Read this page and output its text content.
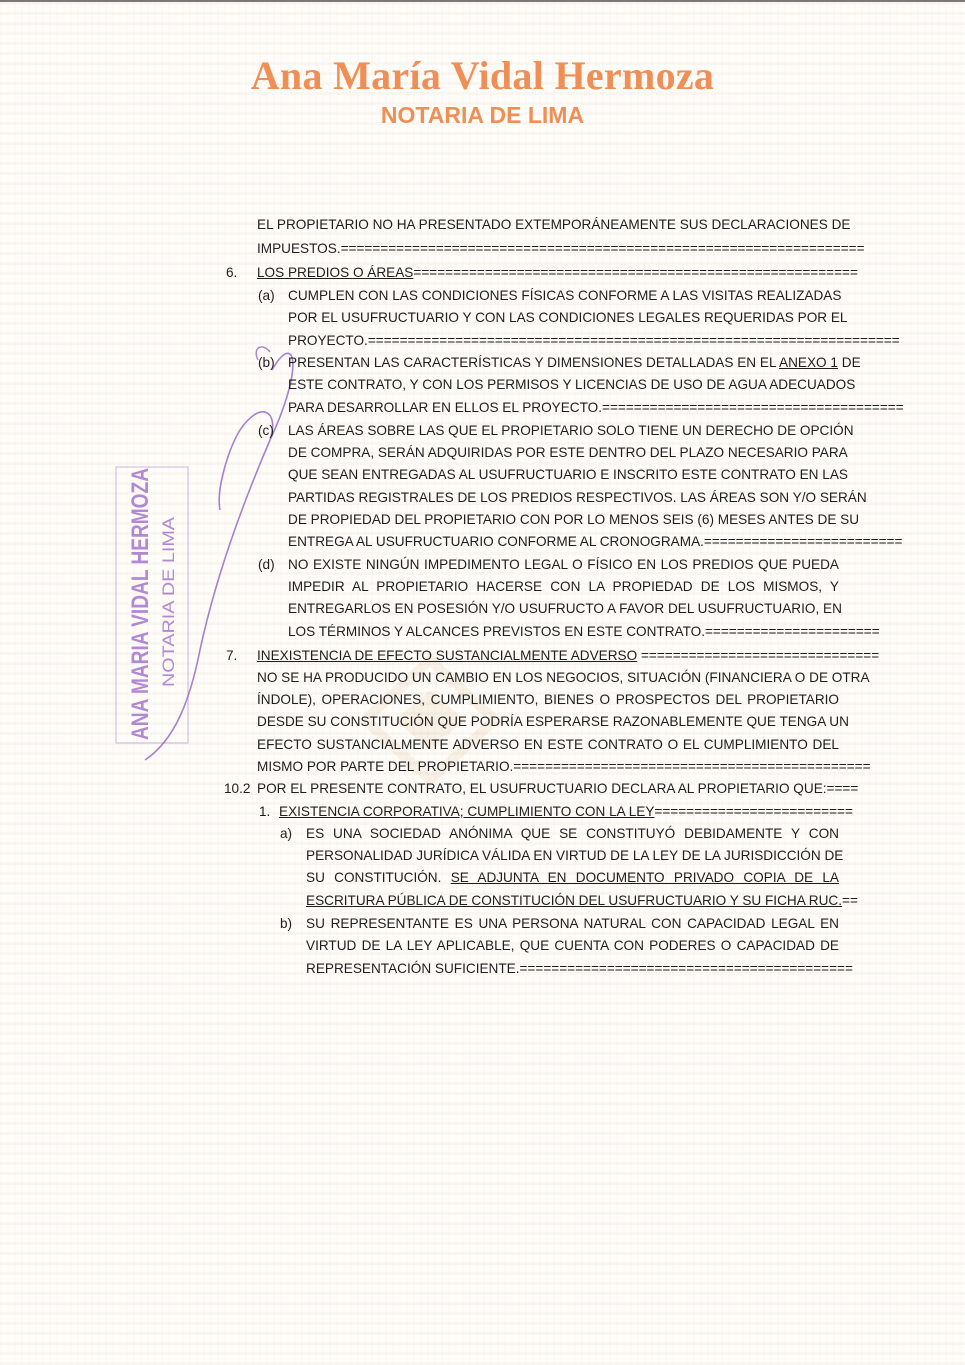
Ana María Vidal Hermoza
NOTARIA DE LIMA
ANA MARIA VIDAL HERMOZA NOTARIA DE LIMA
EL PROPIETARIO NO HA PRESENTADO EXTEMPORÁNEAMENTE SUS DECLARACIONES DE
IMPUESTOS.==================================================================
6. LOS PREDIOS O ÁREAS========================================================
(a) CUMPLEN CON LAS CONDICIONES FÍSICAS CONFORME A LAS VISITAS REALIZADAS
POR EL USUFRUCTUARIO Y CON LAS CONDICIONES LEGALES REQUERIDAS POR EL
PROYECTO.===================================================================
(b) PRESENTAN LAS CARACTERÍSTICAS Y DIMENSIONES DETALLADAS EN EL ANEXO 1 DE
ESTE CONTRATO, Y CON LOS PERMISOS Y LICENCIAS DE USO DE AGUA ADECUADOS
PARA DESARROLLAR EN ELLOS EL PROYECTO.======================================
(c) LAS ÁREAS SOBRE LAS QUE EL PROPIETARIO SOLO TIENE UN DERECHO DE OPCIÓN
DE COMPRA, SERÁN ADQUIRIDAS POR ESTE DENTRO DEL PLAZO NECESARIO PARA
QUE SEAN ENTREGADAS AL USUFRUCTUARIO E INSCRITO ESTE CONTRATO EN LAS
PARTIDAS REGISTRALES DE LOS PREDIOS RESPECTIVOS. LAS ÁREAS SON Y/O SERÁN
DE PROPIEDAD DEL PROPIETARIO CON POR LO MENOS SEIS (6) MESES ANTES DE SU
ENTREGA AL USUFRUCTUARIO CONFORME AL CRONOGRAMA.=========================
(d) NO EXISTE NINGÚN IMPEDIMENTO LEGAL O FÍSICO EN LOS PREDIOS QUE PUEDA
IMPEDIR AL PROPIETARIO HACERSE CON LA PROPIEDAD DE LOS MISMOS, Y
ENTREGARLOS EN POSESIÓN Y/O USUFRUCTO A FAVOR DEL USUFRUCTUARIO, EN
LOS TÉRMINOS Y ALCANCES PREVISTOS EN ESTE CONTRATO.======================
7. INEXISTENCIA DE EFECTO SUSTANCIALMENTE ADVERSO ==============================
NO SE HA PRODUCIDO UN CAMBIO EN LOS NEGOCIOS, SITUACIÓN (FINANCIERA O DE OTRA
ÍNDOLE), OPERACIONES, CUMPLIMIENTO, BIENES O PROSPECTOS DEL PROPIETARIO
DESDE SU CONSTITUCIÓN QUE PODRÍA ESPERARSE RAZONABLEMENTE QUE TENGA UN
EFECTO SUSTANCIALMENTE ADVERSO EN ESTE CONTRATO O EL CUMPLIMIENTO DEL
MISMO POR PARTE DEL PROPIETARIO.=============================================
10.2 POR EL PRESENTE CONTRATO, EL USUFRUCTUARIO DECLARA AL PROPIETARIO QUE:====
1. EXISTENCIA CORPORATIVA; CUMPLIMIENTO CON LA LEY=========================
a) ES UNA SOCIEDAD ANÓNIMA QUE SE CONSTITUYÓ DEBIDAMENTE Y CON
PERSONALIDAD JURÍDICA VÁLIDA EN VIRTUD DE LA LEY DE LA JURISDICCIÓN DE
SU CONSTITUCIÓN. SE ADJUNTA EN DOCUMENTO PRIVADO COPIA DE LA
ESCRITURA PÚBLICA DE CONSTITUCIÓN DEL USUFRUCTUARIO Y SU FICHA RUC.==
b) SU REPRESENTANTE ES UNA PERSONA NATURAL CON CAPACIDAD LEGAL EN
VIRTUD DE LA LEY APLICABLE, QUE CUENTA CON PODERES O CAPACIDAD DE
REPRESENTACIÓN SUFICIENTE.==========================================
